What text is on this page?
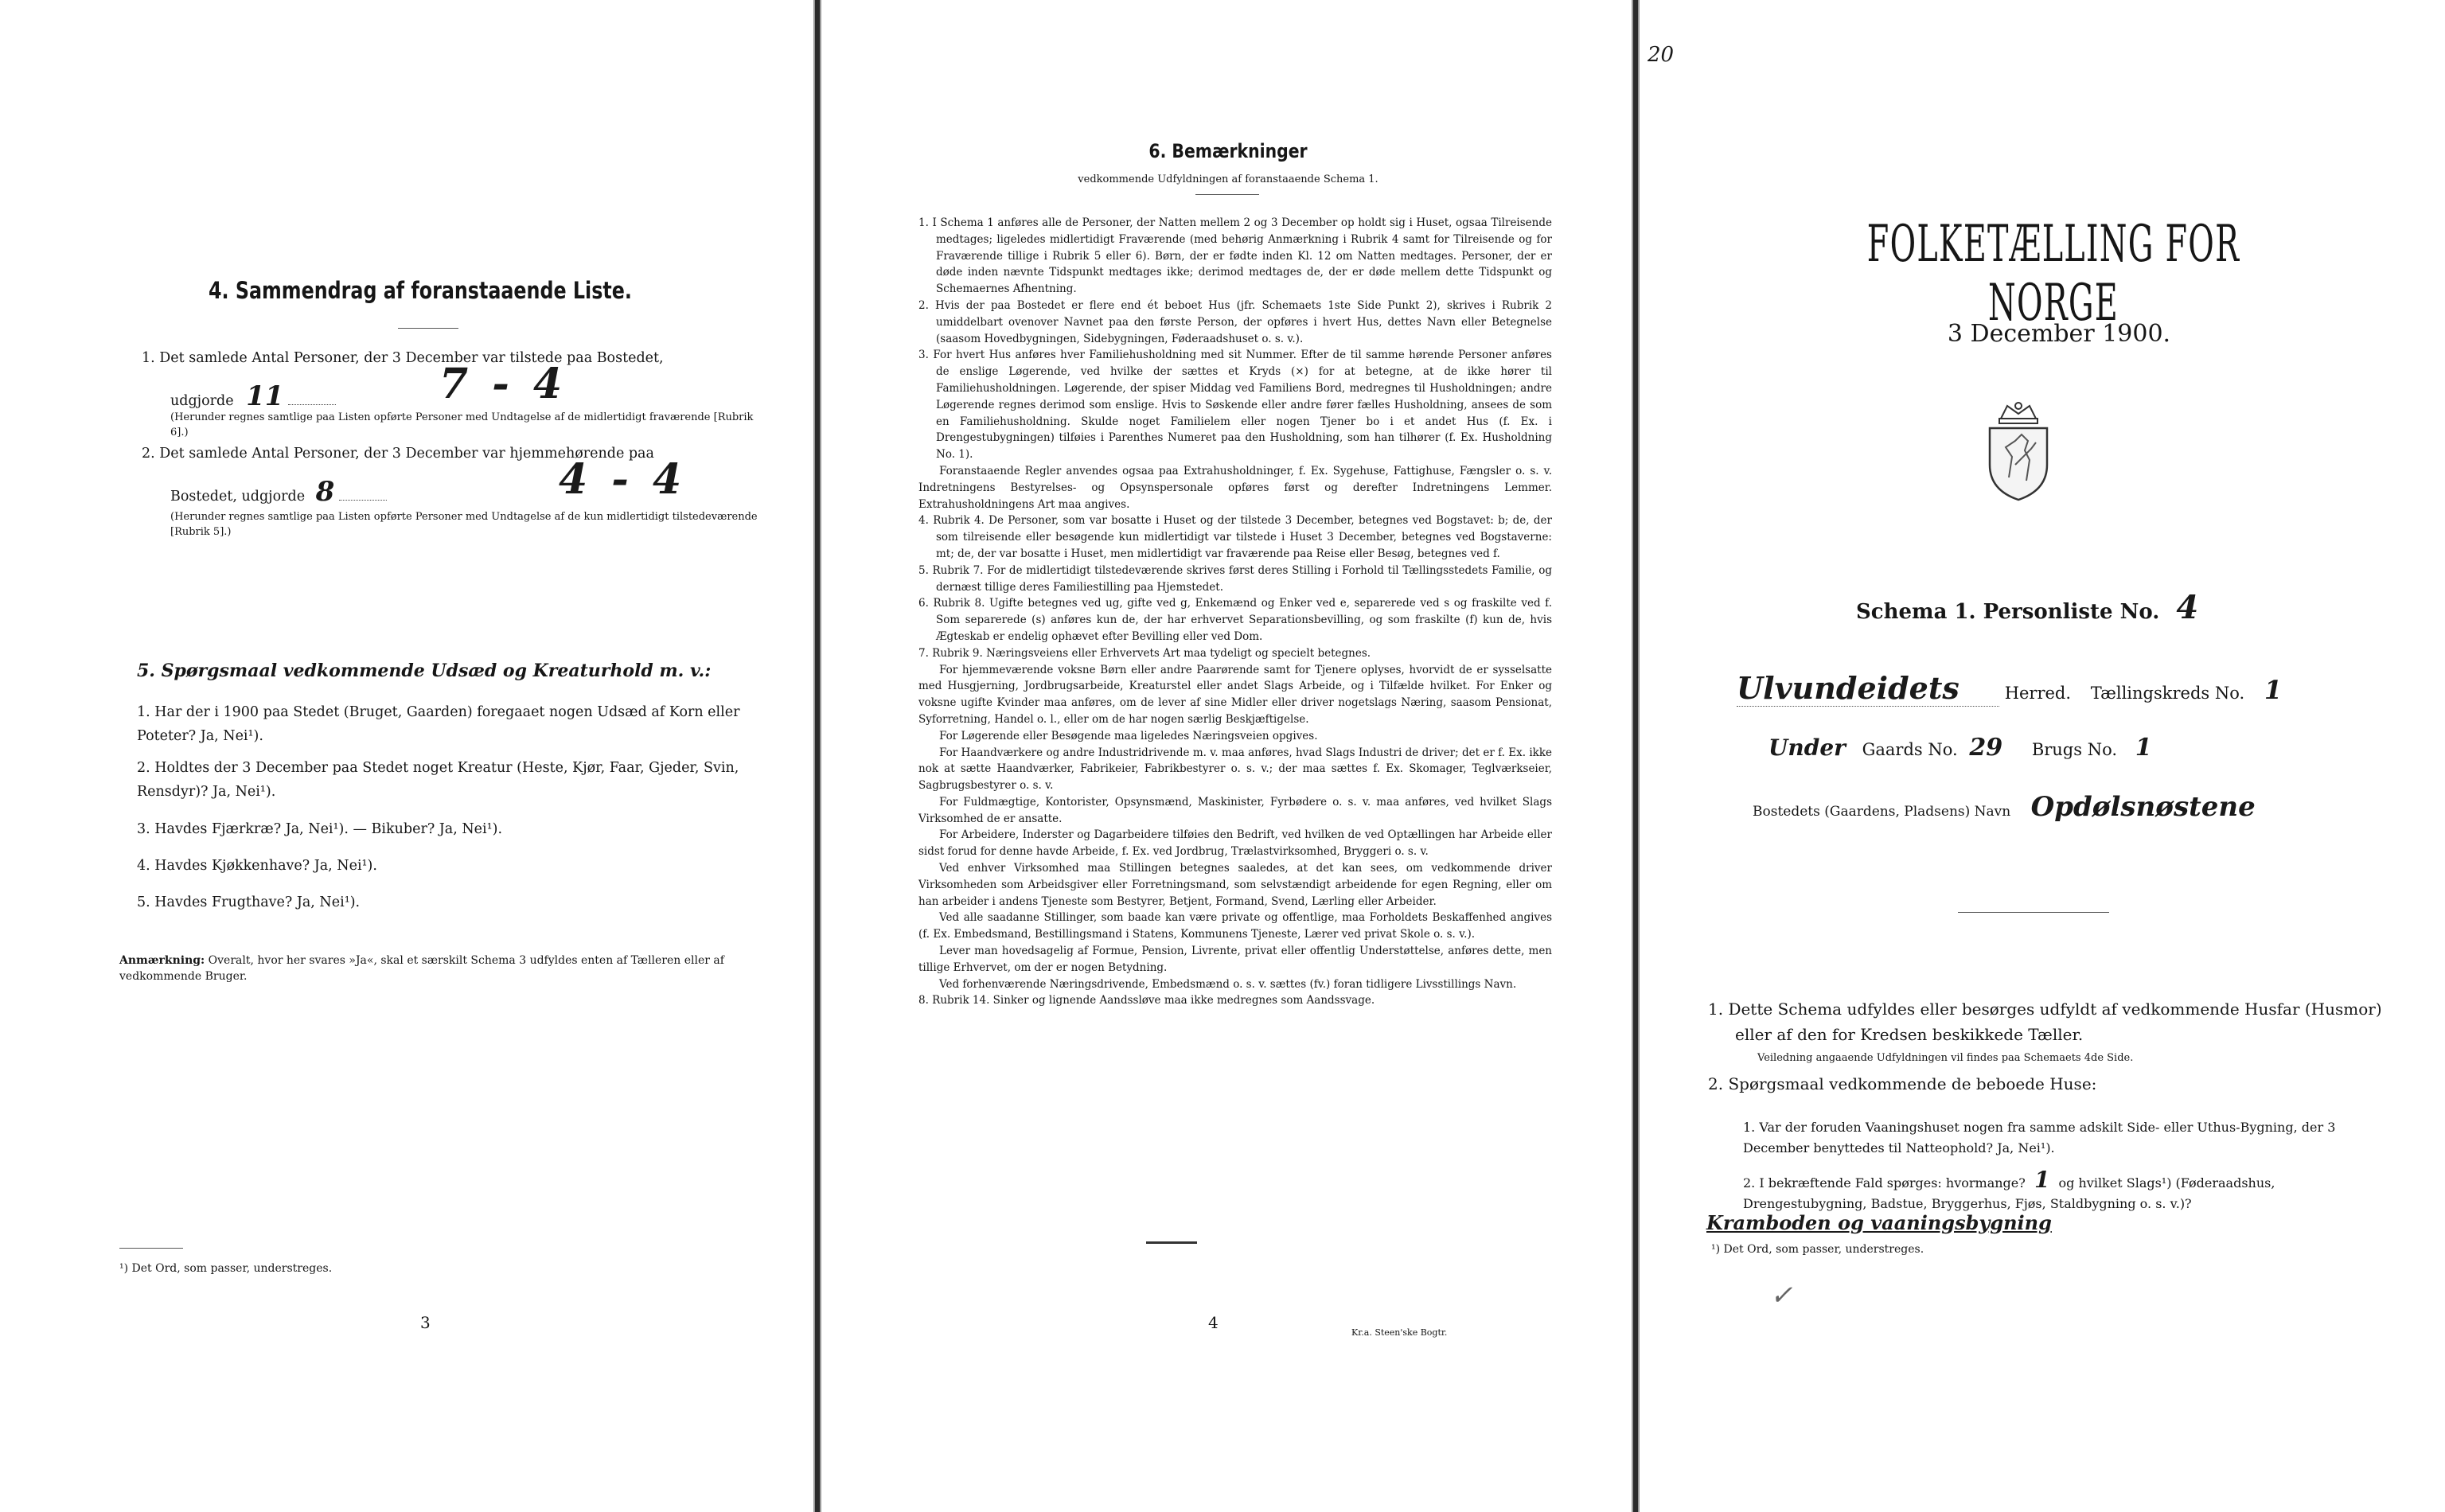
4. Sammendrag af foranstaaende Liste.
1. Det samlede Antal Personer, der 3 December var tilstede paa Bostedet,
udgjorde 11	7 - 4
(Herunder regnes samtlige paa Listen opførte Personer med Undtagelse af de midlertidigt fraværende [Rubrik 6].)
2. Det samlede Antal Personer, der 3 December var hjemmehørende paa
Bostedet, udgjorde 8	4 - 4
(Herunder regnes samtlige paa Listen opførte Personer med Undtagelse af de kun midlertidigt tilstedeværende [Rubrik 5].)
5. Spørgsmaal vedkommende Udsæd og Kreaturhold m. v.:
1. Har der i 1900 paa Stedet (Bruget, Gaarden) foregaaet nogen Udsæd af Korn eller Poteter? Ja, Nei¹).
2. Holdtes der 3 December paa Stedet noget Kreatur (Heste, Kjør, Faar, Gjeder, Svin, Rensdyr)? Ja, Nei¹).
3. Havdes Fjærkræ? Ja, Nei¹). — Bikuber? Ja, Nei¹).
4. Havdes Kjøkkenhave? Ja, Nei¹).
5. Havdes Frugthave? Ja, Nei¹).
Anmærkning: Overalt, hvor her svares »Ja«, skal et særskilt Schema 3 udfyldes enten af Tælleren eller af vedkommende Bruger.
¹) Det Ord, som passer, understreges.
3
6. Bemærkninger
vedkommende Udfyldningen af foranstaaende Schema 1.

1. I Schema 1 anføres alle de Personer, der Natten mellem 2 og 3 December op holdt sig i Huset, ogsaa Tilreisende medtages; ligeledes midlertidigt Fraværende (med behørig Anmærkning i Rubrik 4 samt for Tilreisende og for Fraværende tillige i Rubrik 5 eller 6). Børn, der er fødte inden Kl. 12 om Natten medtages. Personer, der er døde inden nævnte Tidspunkt medtages ikke; derimod medtages de, der er døde mellem dette Tidspunkt og Schemaernes Afhentning.

2. Hvis der paa Bostedet er flere end ét beboet Hus (jfr. Schemaets 1ste Side Punkt 2), skrives i Rubrik 2 umiddelbart ovenover Navnet paa den første Person, der opføres i hvert Hus, dettes Navn eller Betegnelse (saasom Hovedbygningen, Sidebygningen, Føderaadshuset o. s. v.).

3. For hvert Hus anføres hver Familiehusholdning med sit Nummer. Efter de til samme hørende Personer anføres de enslige Løgerende, ved hvilke der sættes et Kryds (×) for at betegne, at de ikke hører til Familiehusholdningen. Løgerende, der spiser Middag ved Familiens Bord, medregnes til Husholdningen; andre Løgerende regnes derimod som enslige. Hvis to Søskende eller andre fører fælles Husholdning, ansees de som en Familiehusholdning. Skulde noget Familielem eller nogen Tjener bo i et andet Hus (f. Ex. i Drengestubygningen) tilføies i Parenthes Numeret paa den Husholdning, som han tilhører (f. Ex. Husholdning No. 1).

Foranstaaende Regler anvendes ogsaa paa Extrahusholdninger, f. Ex. Sygehuse, Fattighuse, Fængsler o. s. v. Indretningens Bestyrelses- og Opsynspersonale opføres først og derefter Indretningens Lemmer. Extrahusholdningens Art maa angives.

4. Rubrik 4. De Personer, som var bosatte i Huset og der tilstede 3 December, betegnes ved Bogstavet: b; de, der som tilreisende eller besøgende kun midlertidigt var tilstede i Huset 3 December, betegnes ved Bogstaverne: mt; de, der var bosatte i Huset, men midlertidigt var fraværende paa Reise eller Besøg, betegnes ved f.

5. Rubrik 7. For de midlertidigt tilstedeværende skrives først deres Stilling i Forhold til Tællingsstedets Familie, og dernæst tillige deres Familiestilling paa Hjemstedet.

6. Rubrik 8. Ugifte betegnes ved ug, gifte ved g, Enkemænd og Enker ved e, separerede ved s og fraskilte ved f. Som separerede (s) anføres kun de, der har erhvervet Separationsbevilling, og som fraskilte (f) kun de, hvis Ægteskab er endelig ophævet efter Bevilling eller ved Dom.

7. Rubrik 9. Næringsveiens eller Erhvervets Art maa tydeligt og specielt betegnes.

For hjemmeværende voksne Børn eller andre Paarørende samt for Tjenere oplyses, hvorvidt de er sysselsatte med Husgjerning, Jordbrugsarbeide, Kreaturstel eller andet Slags Arbeide, og i Tilfælde hvilket. For Enker og voksne ugifte Kvinder maa anføres, om de lever af sine Midler eller driver nogetslags Næring, saasom Pensionat, Syforretning, Handel o. l., eller om de har nogen særlig Beskjæftigelse.

For Løgerende eller Besøgende maa ligeledes Næringsveien opgives.

For Haandværkere og andre Industridrivende m. v. maa anføres, hvad Slags Industri de driver; det er f. Ex. ikke nok at sætte Haandværker, Fabrikeier, Fabrikbestyrer o. s. v.; der maa sættes f. Ex. Skomager, Teglværkseier, Sagbrugsbestyrer o. s. v.

For Fuldmægtige, Kontorister, Opsynsmænd, Maskinister, Fyrbødere o. s. v. maa anføres, ved hvilket Slags Virksomhed de er ansatte.

For Arbeidere, Inderster og Dagarbeidere tilføies den Bedrift, ved hvilken de ved Optællingen har Arbeide eller sidst forud for denne havde Arbeide, f. Ex. ved Jordbrug, Trælastvirksomhed, Bryggeri o. s. v.

Ved enhver Virksomhed maa Stillingen betegnes saaledes, at det kan sees, om vedkommende driver Virksomheden som Arbeidsgiver eller Forretningsmand, som selvstændigt arbeidende for egen Regning, eller om han arbeider i andens Tjeneste som Bestyrer, Betjent, Formand, Svend, Lærling eller Arbeider.

Ved alle saadanne Stillinger, som baade kan være private og offentlige, maa Forholdets Beskaffenhed angives (f. Ex. Embedsmand, Bestillingsmand i Statens, Kommunens Tjeneste, Lærer ved privat Skole o. s. v.).

Lever man hovedsagelig af Formue, Pension, Livrente, privat eller offentlig Understøttelse, anføres dette, men tillige Erhvervet, om der er nogen Betydning.

Ved forhenværende Næringsdrivende, Embedsmænd o. s. v. sættes (fv.) foran tidligere Livsstillings Navn.

8. Rubrik 14. Sinker og lignende Aandssløve maa ikke medregnes som Aandssvage.

4
Kr.a. Steen'ske Bogtr.
20
FOLKETÆLLING FOR NORGE
3 December 1900.
Schema 1. Personliste No. 4
Ulvundeidets	Herred. Tællingskreds No. 1
Under Gaards No. 29 Brugs No. 1
Bostedets (Gaardens, Pladsens) Navn Opdølsnøstene
1. Dette Schema udfyldes eller besørges udfyldt af vedkommende Husfar (Husmor) eller af den for Kredsen beskikkede Tæller.
Veiledning angaaende Udfyldningen vil findes paa Schemaets 4de Side.
2. Spørgsmaal vedkommende de beboede Huse:
1. Var der foruden Vaaningshuset nogen fra samme adskilt Side- eller Uthus-Bygning, der 3 December benyttedes til Natteophold? Ja, Nei¹).
2. I bekræftende Fald spørges: hvormange? 1 og hvilket Slags¹) (Føderaadshus, Drengestubygning, Badstue, Bryggerhus, Fjøs, Staldbygning o. s. v.)?
Kramboden og vaaningsbygning
¹) Det Ord, som passer, understreges.
✓
